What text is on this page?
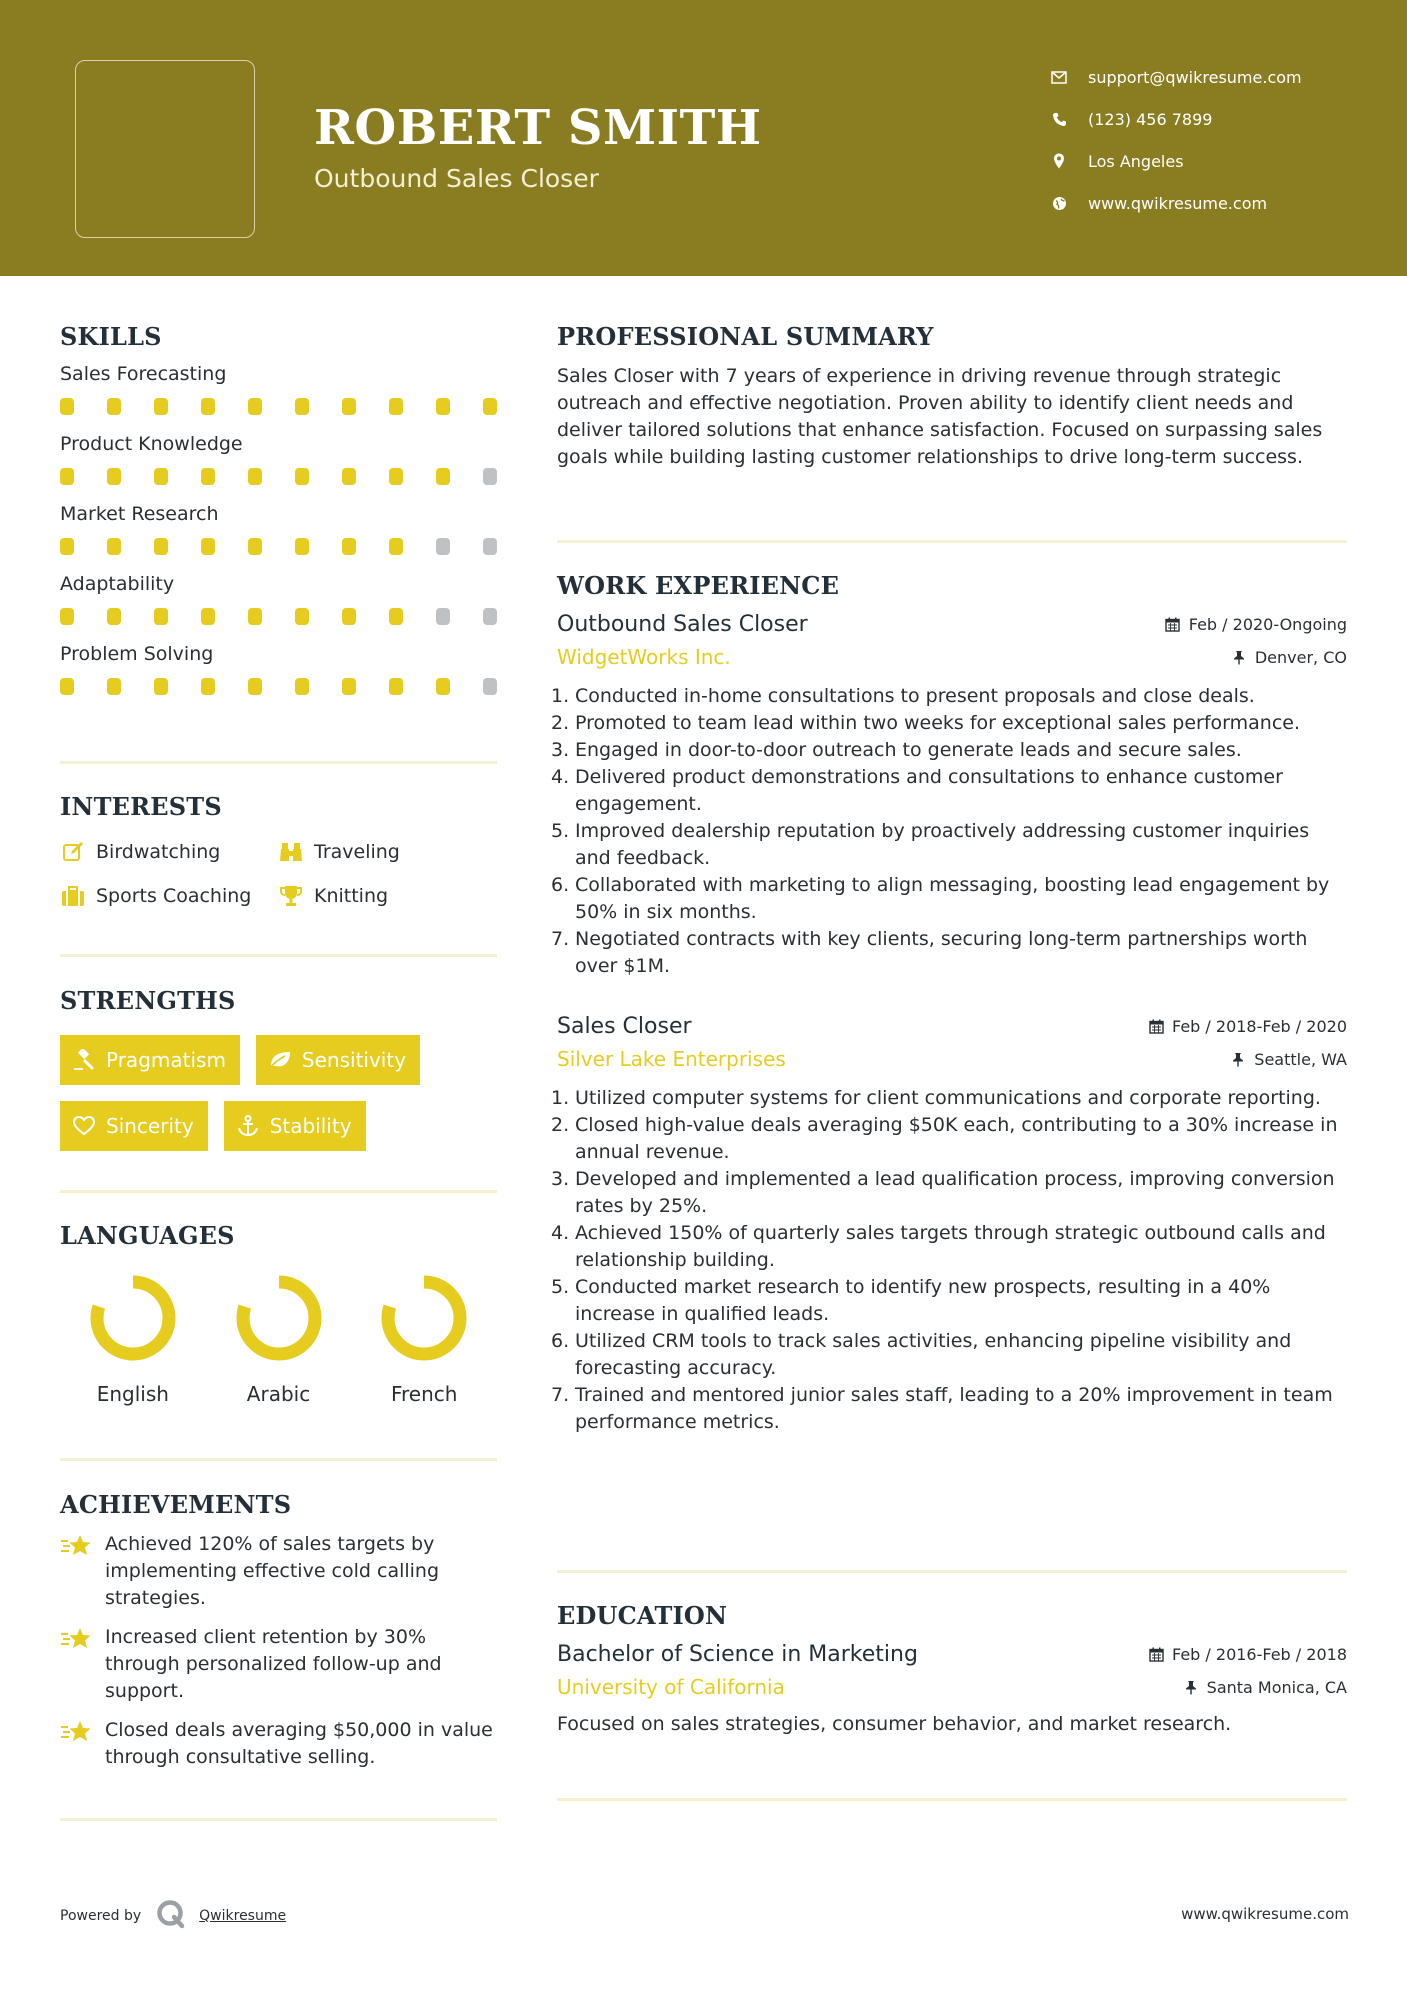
ROBERT SMITH
Outbound Sales Closer
support@qwikresume.com
(123) 456 7899
Los Angeles
www.qwikresume.com
SKILLS
Sales Forecasting
Product Knowledge
Market Research
Adaptability
Problem Solving
INTERESTS
Birdwatching	Traveling
Sports Coaching	Knitting
STRENGTHS
Pragmatism	Sensitivity
Sincerity	Stability
LANGUAGES
English	Arabic	French
ACHIEVEMENTS
Achieved 120% of sales targets by implementing effective cold calling strategies.
Increased client retention by 30% through personalized follow-up and support.
Closed deals averaging $50,000 in value through consultative selling.
PROFESSIONAL SUMMARY
Sales Closer with 7 years of experience in driving revenue through strategic outreach and effective negotiation. Proven ability to identify client needs and deliver tailored solutions that enhance satisfaction. Focused on surpassing sales goals while building lasting customer relationships to drive long-term success.
WORK EXPERIENCE
Outbound Sales Closer	Feb / 2020-Ongoing
WidgetWorks Inc.	Denver, CO
Conducted in-home consultations to present proposals and close deals.
Promoted to team lead within two weeks for exceptional sales performance.
Engaged in door-to-door outreach to generate leads and secure sales.
Delivered product demonstrations and consultations to enhance customer engagement.
Improved dealership reputation by proactively addressing customer inquiries and feedback.
Collaborated with marketing to align messaging, boosting lead engagement by 50% in six months.
Negotiated contracts with key clients, securing long-term partnerships worth over $1M.
Sales Closer	Feb / 2018-Feb / 2020
Silver Lake Enterprises	Seattle, WA
Utilized computer systems for client communications and corporate reporting.
Closed high-value deals averaging $50K each, contributing to a 30% increase in annual revenue.
Developed and implemented a lead qualification process, improving conversion rates by 25%.
Achieved 150% of quarterly sales targets through strategic outbound calls and relationship building.
Conducted market research to identify new prospects, resulting in a 40% increase in qualified leads.
Utilized CRM tools to track sales activities, enhancing pipeline visibility and forecasting accuracy.
Trained and mentored junior sales staff, leading to a 20% improvement in team performance metrics.
EDUCATION
Bachelor of Science in Marketing	Feb / 2016-Feb / 2018
University of California	Santa Monica, CA
Focused on sales strategies, consumer behavior, and market research.
Powered by	Qwikresume	www.qwikresume.com
